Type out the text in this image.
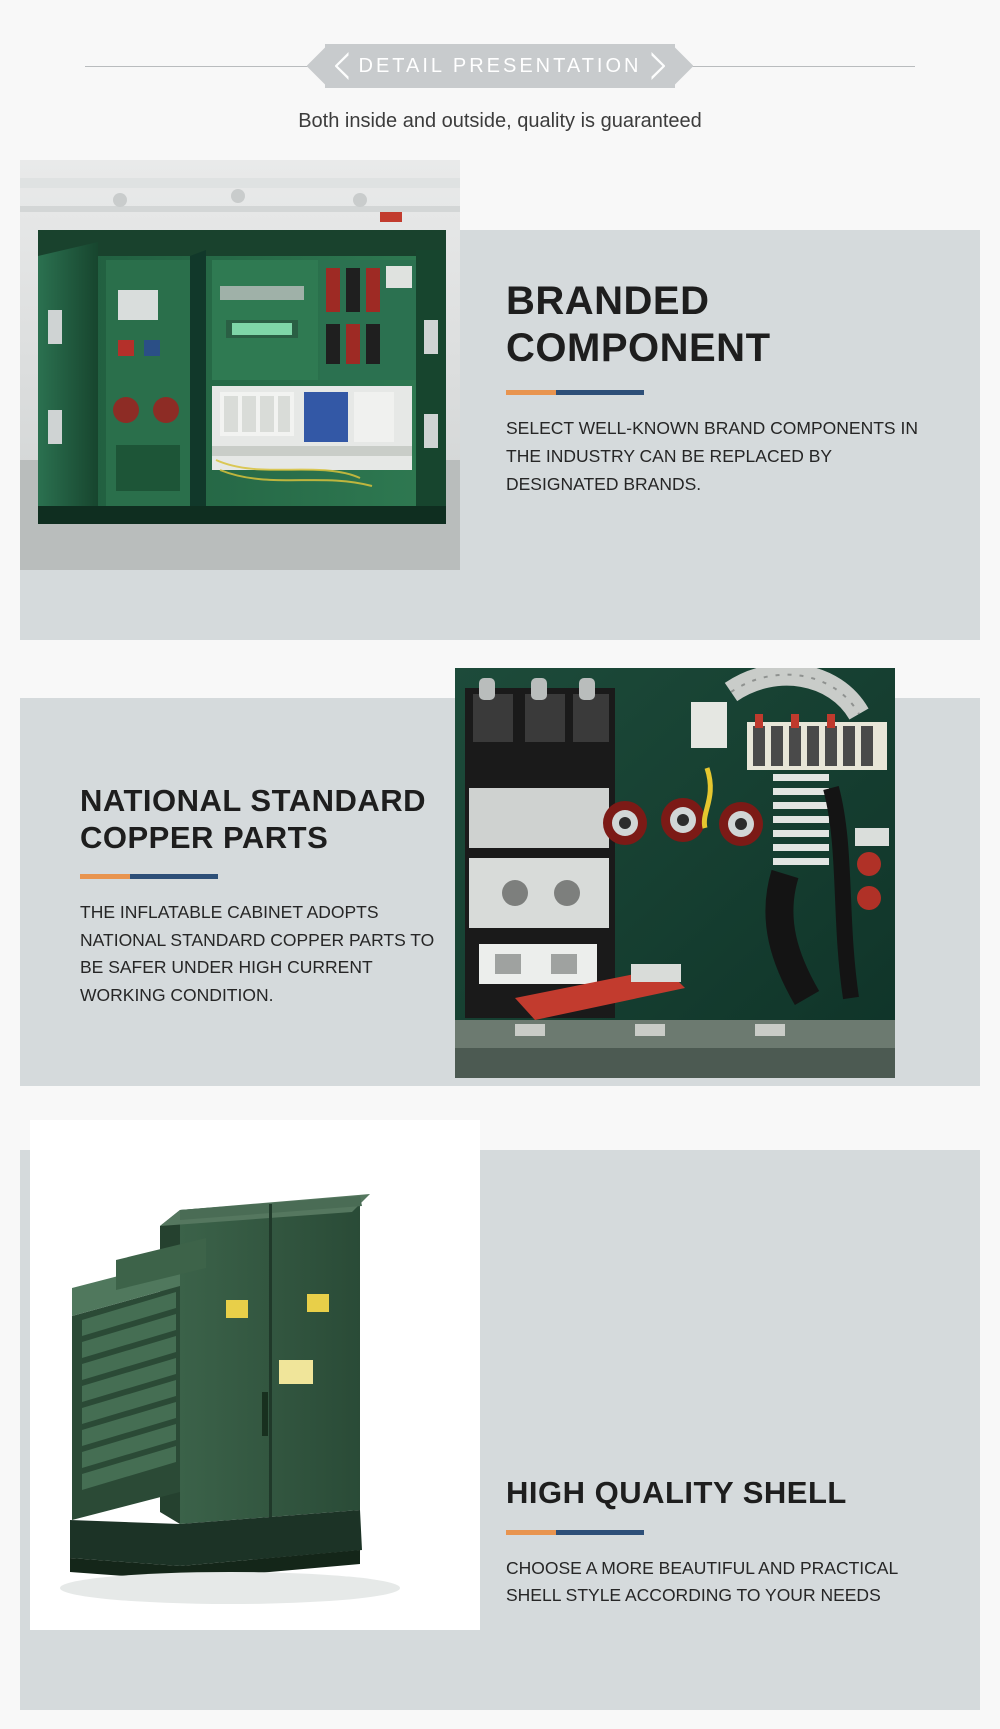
DETAIL PRESENTATION
Both inside and outside, quality is guaranteed
BRANDED
COMPONENT
SELECT WELL-KNOWN BRAND COMPONENTS IN THE INDUSTRY CAN BE REPLACED BY DESIGNATED BRANDS.
NATIONAL STANDARD
COPPER PARTS
THE INFLATABLE CABINET ADOPTS NATIONAL STANDARD COPPER PARTS TO BE SAFER UNDER HIGH CURRENT WORKING CONDITION.
HIGH QUALITY SHELL
CHOOSE A MORE BEAUTIFUL AND PRACTICAL SHELL STYLE ACCORDING TO YOUR NEEDS
